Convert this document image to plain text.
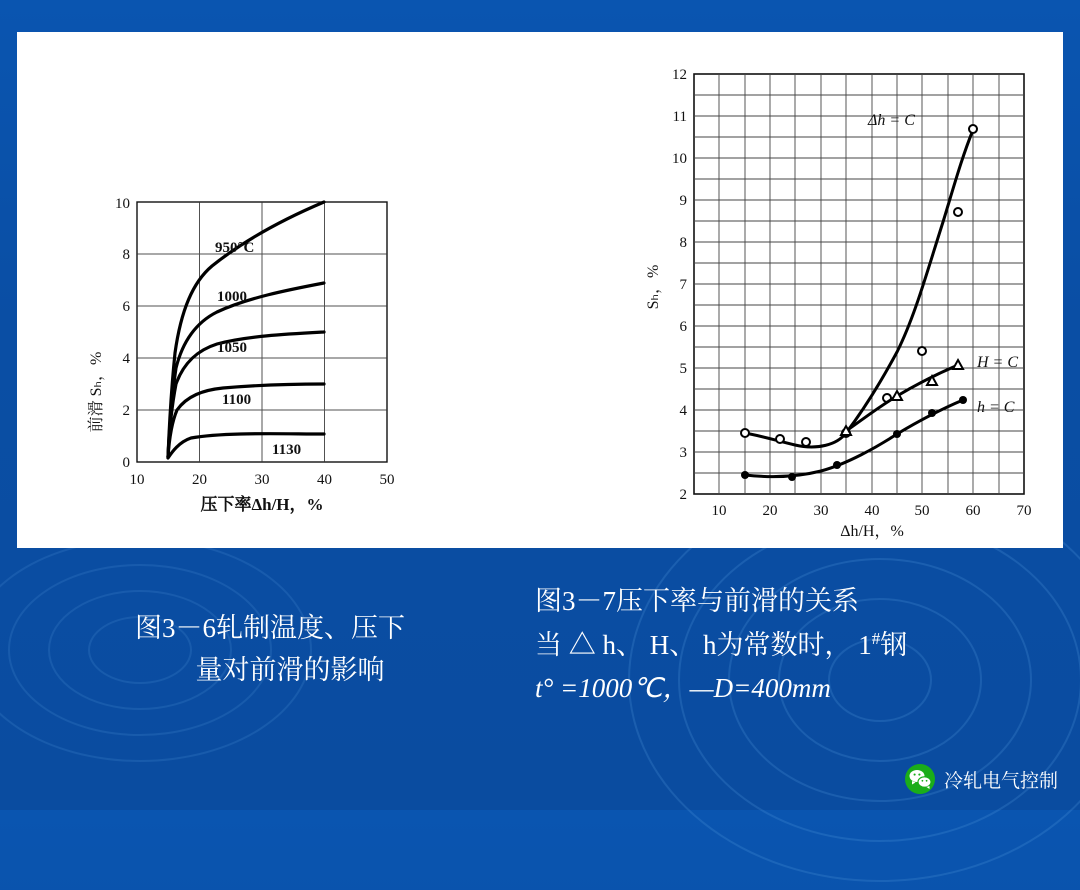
0
2
4
6
8
10
10	20	30	40	50
前滑 Sₕ，%
压下率Δh/H，%
950°C
1000
1050
1100
1130
12
11
10
9
8
7
6
5
4
3
2
10 20 30 40 50 60 70
Sₕ，%
Δh/H，%
Δh = C
H = C
h = C
图3－6轧制温度、压下
量对前滑的影响
图3－7压下率与前滑的关系
当 △ h、 H、 h为常数时， 1#钢
t° =1000℃，—D=400mm
冷轧电气控制
